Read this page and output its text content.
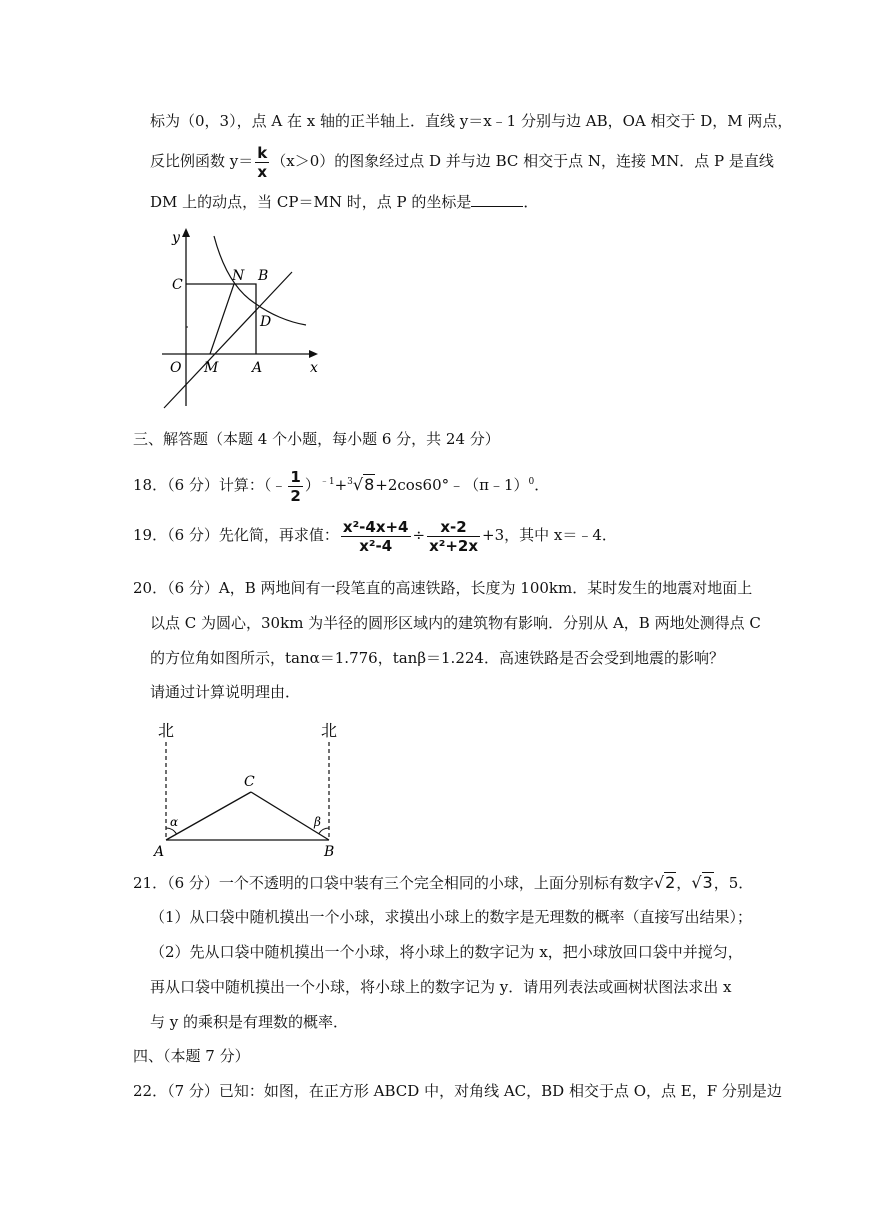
标为（0，3），点 A 在 x 轴的正半轴上．直线 y＝x﹣1 分别与边 AB，OA 相交于 D，M 两点，
反比例函数 $y= \frac{k}{x} (x>0)$的图象经过点 D 并与边 BC 相交于点 N，连接 MN．点 P 是直线
DM 上的动点，当 CP＝MN 时，点 P 的坐标是	．
y
x
O
C
N B
D
M A
三、解答题（本题 4 个小题，每小题 6 分，共 24 分）
18．（6 分）计算：（﹣ $\frac{1}{2}$ ）$^{﹣1}$+$^3$√8+2cos60°﹣（π﹣1）$^0$．
19．（6 分）先化简，再求值： $\frac{\text{x²-4x+4}}{\text{x²-4}} \div \frac{x-2}{\text{x²+2x}} +3$，其中 x＝﹣4．
20．（6 分）A，B 两地间有一段笔直的高速铁路，长度为 100km．某时发生的地震对地面上
以点 C 为圆心，30km 为半径的圆形区域内的建筑物有影响．分别从 A，B 两地处测得点 C
的方位角如图所示，tanα＝1.776，tanβ＝1.224．高速铁路是否会受到地震的影响？
请通过计算说明理由．
北	北
C
A	B
α	β
21．（6 分）一个不透明的口袋中装有三个完全相同的小球，上面分别标有数字√2，√3，5．
（1）从口袋中随机摸出一个小球，求摸出小球上的数字是无理数的概率（直接写出结果）；
（2）先从口袋中随机摸出一个小球，将小球上的数字记为 x，把小球放回口袋中并搅匀，
再从口袋中随机摸出一个小球，将小球上的数字记为 y．请用列表法或画树状图法求出 x
与 y 的乘积是有理数的概率．
四、（本题 7 分）
22．（7 分）已知：如图，在正方形 ABCD 中，对角线 AC，BD 相交于点 O，点 E，F 分别是边
